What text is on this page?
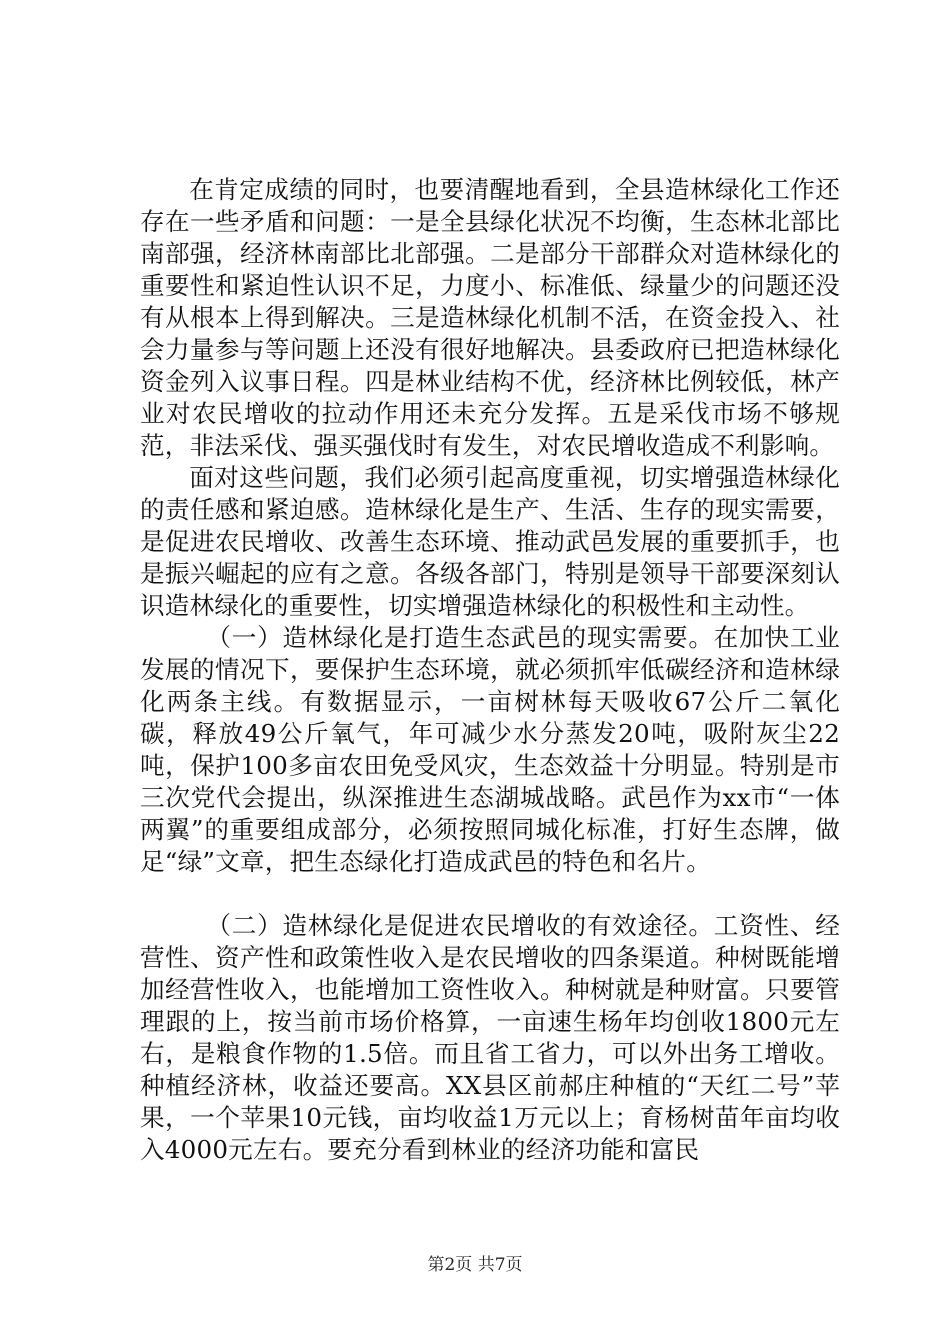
在肯定成绩的同时，也要清醒地看到，全县造林绿化工作还存在一些矛盾和问题：一是全县绿化状况不均衡，生态林北部比南部强，经济林南部比北部强。二是部分干部群众对造林绿化的重要性和紧迫性认识不足，力度小、标准低、绿量少的问题还没有从根本上得到解决。三是造林绿化机制不活，在资金投入、社会力量参与等问题上还没有很好地解决。县委政府已把造林绿化资金列入议事日程。四是林业结构不优，经济林比例较低，林产业对农民增收的拉动作用还未充分发挥。五是采伐市场不够规范，非法采伐、强买强伐时有发生，对农民增收造成不利影响。

面对这些问题，我们必须引起高度重视，切实增强造林绿化的责任感和紧迫感。造林绿化是生产、生活、生存的现实需要，是促进农民增收、改善生态环境、推动武邑发展的重要抓手，也是振兴崛起的应有之意。各级各部门，特别是领导干部要深刻认识造林绿化的重要性，切实增强造林绿化的积极性和主动性。

（一）造林绿化是打造生态武邑的现实需要。在加快工业发展的情况下，要保护生态环境，就必须抓牢低碳经济和造林绿化两条主线。有数据显示，一亩树林每天吸收67公斤二氧化碳，释放49公斤氧气，年可减少水分蒸发20吨，吸附灰尘22吨，保护100多亩农田免受风灾，生态效益十分明显。特别是市三次党代会提出，纵深推进生态湖城战略。武邑作为xx市“一体两翼”的重要组成部分，必须按照同城化标准，打好生态牌，做足“绿”文章，把生态绿化打造成武邑的特色和名片。

（二）造林绿化是促进农民增收的有效途径。工资性、经营性、资产性和政策性收入是农民增收的四条渠道。种树既能增加经营性收入，也能增加工资性收入。种树就是种财富。只要管理跟的上，按当前市场价格算，一亩速生杨年均创收1800元左右，是粮食作物的1.5倍。而且省工省力，可以外出务工增收。种植经济林，收益还要高。XX县区前郝庄种植的“天红二号”苹果，一个苹果10元钱，亩均收益1万元以上；育杨树苗年亩均收入4000元左右。要充分看到林业的经济功能和富民

第2页 共7页
